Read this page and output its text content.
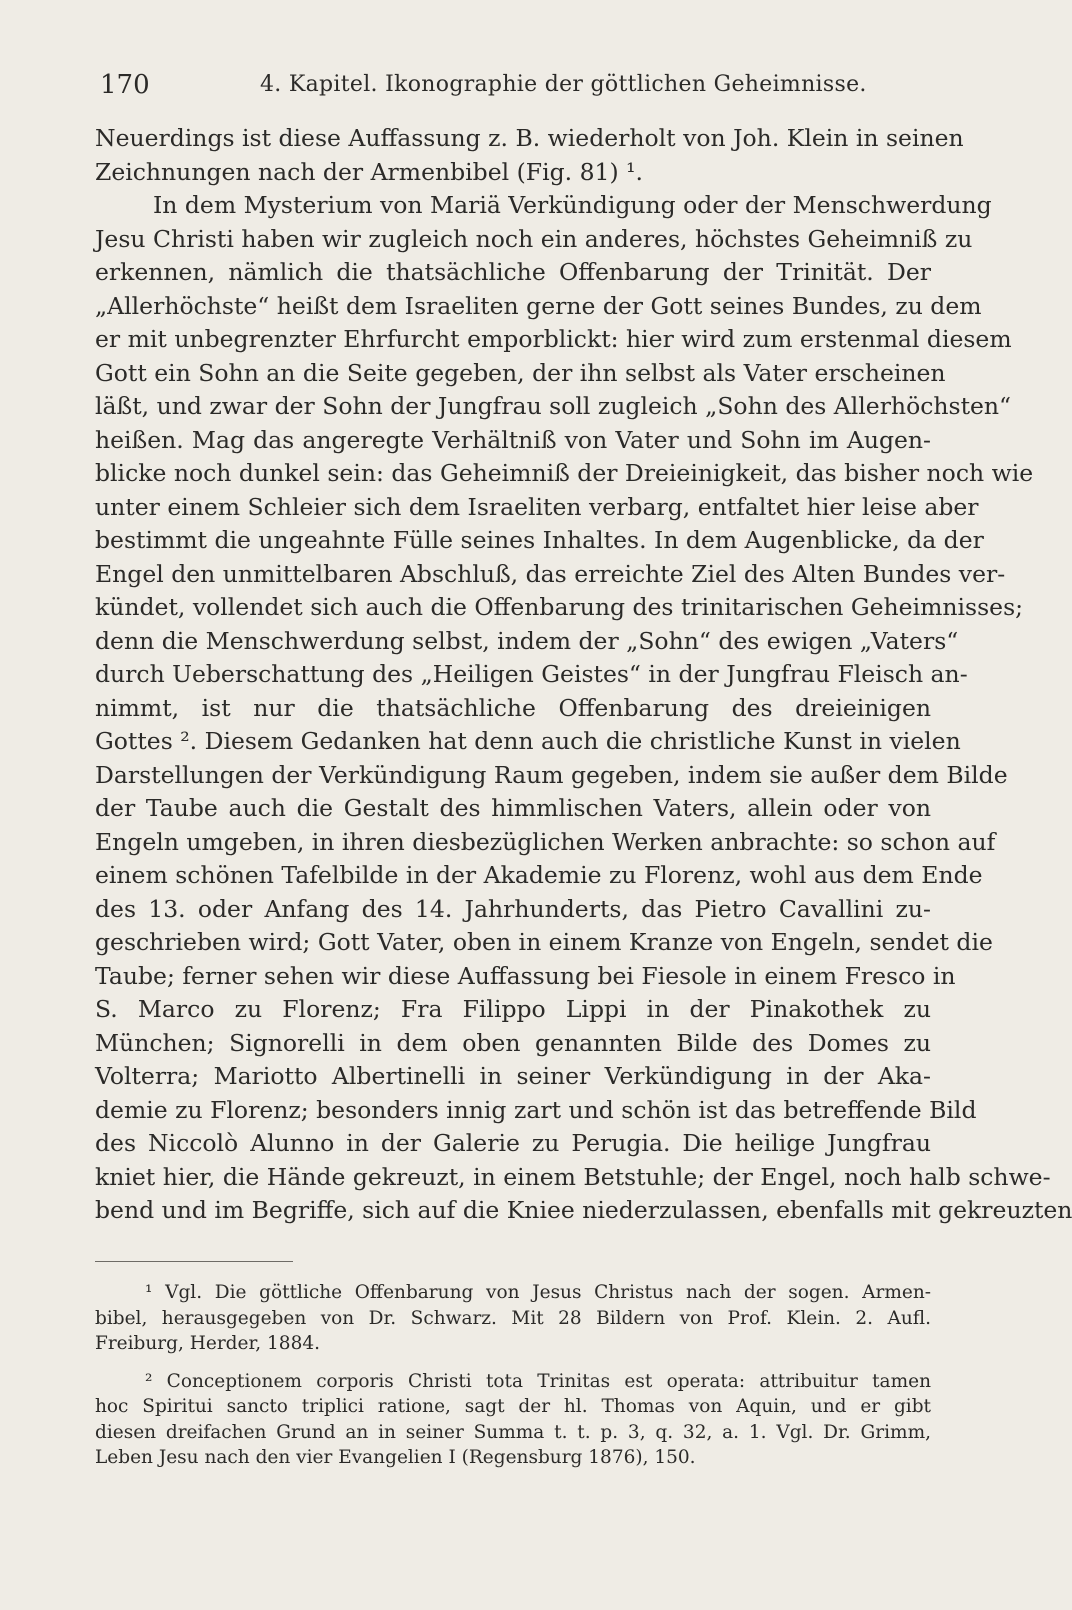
170	4. Kapitel. Ikonographie der göttlichen Geheimnisse.
Neuerdings ist diese Auffassung z. B. wiederholt von Joh. Klein in seinen
Zeichnungen nach der Armenbibel (Fig. 81) ¹.
In dem Mysterium von Mariä Verkündigung oder der Menschwerdung
Jesu Christi haben wir zugleich noch ein anderes, höchstes Geheimniß zu
erkennen, nämlich die thatsächliche Offenbarung der Trinität. Der
„Allerhöchste“ heißt dem Israeliten gerne der Gott seines Bundes, zu dem
er mit unbegrenzter Ehrfurcht emporblickt: hier wird zum erstenmal diesem
Gott ein Sohn an die Seite gegeben, der ihn selbst als Vater erscheinen
läßt, und zwar der Sohn der Jungfrau soll zugleich „Sohn des Allerhöchsten“
heißen. Mag das angeregte Verhältniß von Vater und Sohn im Augen-
blicke noch dunkel sein: das Geheimniß der Dreieinigkeit, das bisher noch wie
unter einem Schleier sich dem Israeliten verbarg, entfaltet hier leise aber
bestimmt die ungeahnte Fülle seines Inhaltes. In dem Augenblicke, da der
Engel den unmittelbaren Abschluß, das erreichte Ziel des Alten Bundes ver-
kündet, vollendet sich auch die Offenbarung des trinitarischen Geheimnisses;
denn die Menschwerdung selbst, indem der „Sohn“ des ewigen „Vaters“
durch Ueberschattung des „Heiligen Geistes“ in der Jungfrau Fleisch an-
nimmt, ist nur die thatsächliche Offenbarung des dreieinigen
Gottes ². Diesem Gedanken hat denn auch die christliche Kunst in vielen
Darstellungen der Verkündigung Raum gegeben, indem sie außer dem Bilde
der Taube auch die Gestalt des himmlischen Vaters, allein oder von
Engeln umgeben, in ihren diesbezüglichen Werken anbrachte: so schon auf
einem schönen Tafelbilde in der Akademie zu Florenz, wohl aus dem Ende
des 13. oder Anfang des 14. Jahrhunderts, das Pietro Cavallini zu-
geschrieben wird; Gott Vater, oben in einem Kranze von Engeln, sendet die
Taube; ferner sehen wir diese Auffassung bei Fiesole in einem Fresco in
S. Marco zu Florenz; Fra Filippo Lippi in der Pinakothek zu
München; Signorelli in dem oben genannten Bilde des Domes zu
Volterra; Mariotto Albertinelli in seiner Verkündigung in der Aka-
demie zu Florenz; besonders innig zart und schön ist das betreffende Bild
des Niccolò Alunno in der Galerie zu Perugia. Die heilige Jungfrau
kniet hier, die Hände gekreuzt, in einem Betstuhle; der Engel, noch halb schwe-
bend und im Begriffe, sich auf die Kniee niederzulassen, ebenfalls mit gekreuzten
¹ Vgl. Die göttliche Offenbarung von Jesus Christus nach der sogen. Armen-
bibel, herausgegeben von Dr. Schwarz. Mit 28 Bildern von Prof. Klein. 2. Aufl.
Freiburg, Herder, 1884.
² Conceptionem corporis Christi tota Trinitas est operata: attribuitur tamen
hoc Spiritui sancto triplici ratione, sagt der hl. Thomas von Aquin, und er gibt
diesen dreifachen Grund an in seiner Summa t. t. p. 3, q. 32, a. 1. Vgl. Dr. Grimm,
Leben Jesu nach den vier Evangelien I (Regensburg 1876), 150.
